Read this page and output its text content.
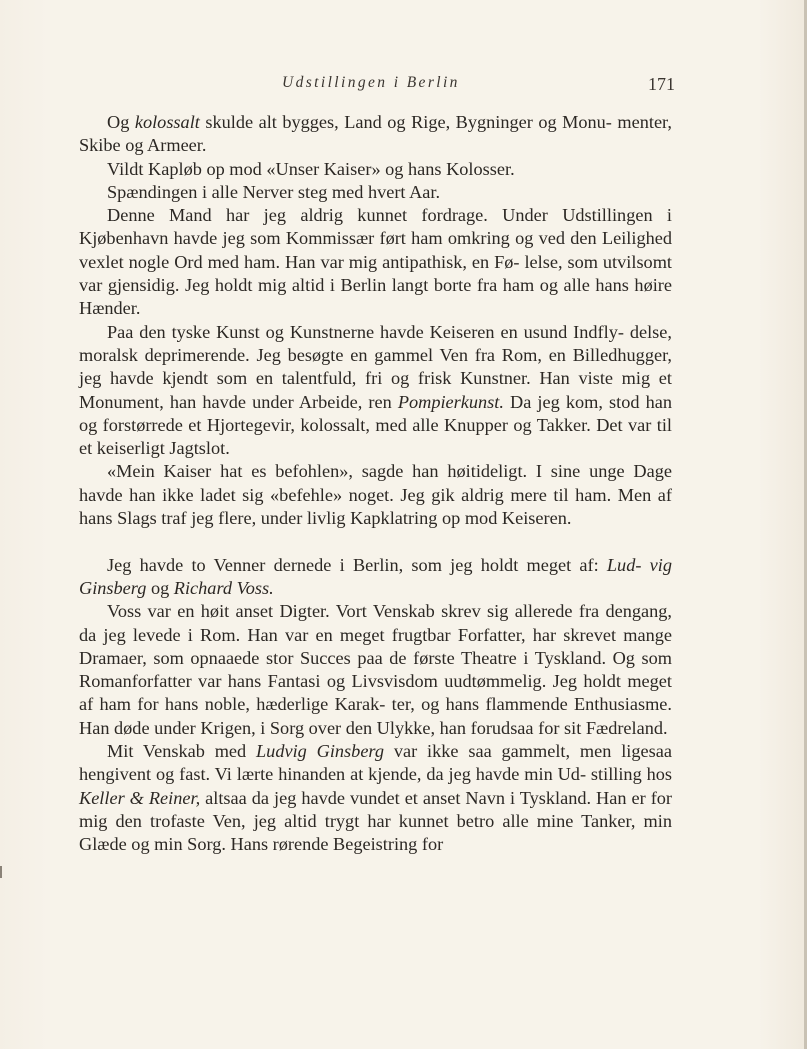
Udstillingen i Berlin	171

Og kolossalt skulde alt bygges, Land og Rige, Bygninger og Monu- menter, Skibe og Armeer.

Vildt Kapløb op mod «Unser Kaiser» og hans Kolosser.

Spændingen i alle Nerver steg med hvert Aar.

Denne Mand har jeg aldrig kunnet fordrage. Under Udstillingen i Kjøbenhavn havde jeg som Kommissær ført ham omkring og ved den Leilighed vexlet nogle Ord med ham. Han var mig antipathisk, en Fø- lelse, som utvilsomt var gjensidig. Jeg holdt mig altid i Berlin langt borte fra ham og alle hans høire Hænder.

Paa den tyske Kunst og Kunstnerne havde Keiseren en usund Indfly- delse, moralsk deprimerende. Jeg besøgte en gammel Ven fra Rom, en Billedhugger, jeg havde kjendt som en talentfuld, fri og frisk Kunstner. Han viste mig et Monument, han havde under Arbeide, ren Pompierkunst. Da jeg kom, stod han og forstørrede et Hjortegevir, kolossalt, med alle Knupper og Takker. Det var til et keiserligt Jagtslot.

«Mein Kaiser hat es befohlen», sagde han høitideligt. I sine unge Dage havde han ikke ladet sig «befehle» noget. Jeg gik aldrig mere til ham. Men af hans Slags traf jeg flere, under livlig Kapklatring op mod Keiseren.

Jeg havde to Venner dernede i Berlin, som jeg holdt meget af: Lud- vig Ginsberg og Richard Voss.

Voss var en høit anset Digter. Vort Venskab skrev sig allerede fra dengang, da jeg levede i Rom. Han var en meget frugtbar Forfatter, har skrevet mange Dramaer, som opnaaede stor Succes paa de første Theatre i Tyskland. Og som Romanforfatter var hans Fantasi og Livsvisdom uudtømmelig. Jeg holdt meget af ham for hans noble, hæderlige Karak- ter, og hans flammende Enthusiasme. Han døde under Krigen, i Sorg over den Ulykke, han forudsaa for sit Fædreland.

Mit Venskab med Ludvig Ginsberg var ikke saa gammelt, men ligesaa hengivent og fast. Vi lærte hinanden at kjende, da jeg havde min Ud- stilling hos Keller & Reiner, altsaa da jeg havde vundet et anset Navn i Tyskland. Han er for mig den trofaste Ven, jeg altid trygt har kunnet betro alle mine Tanker, min Glæde og min Sorg. Hans rørende Begeistring for
